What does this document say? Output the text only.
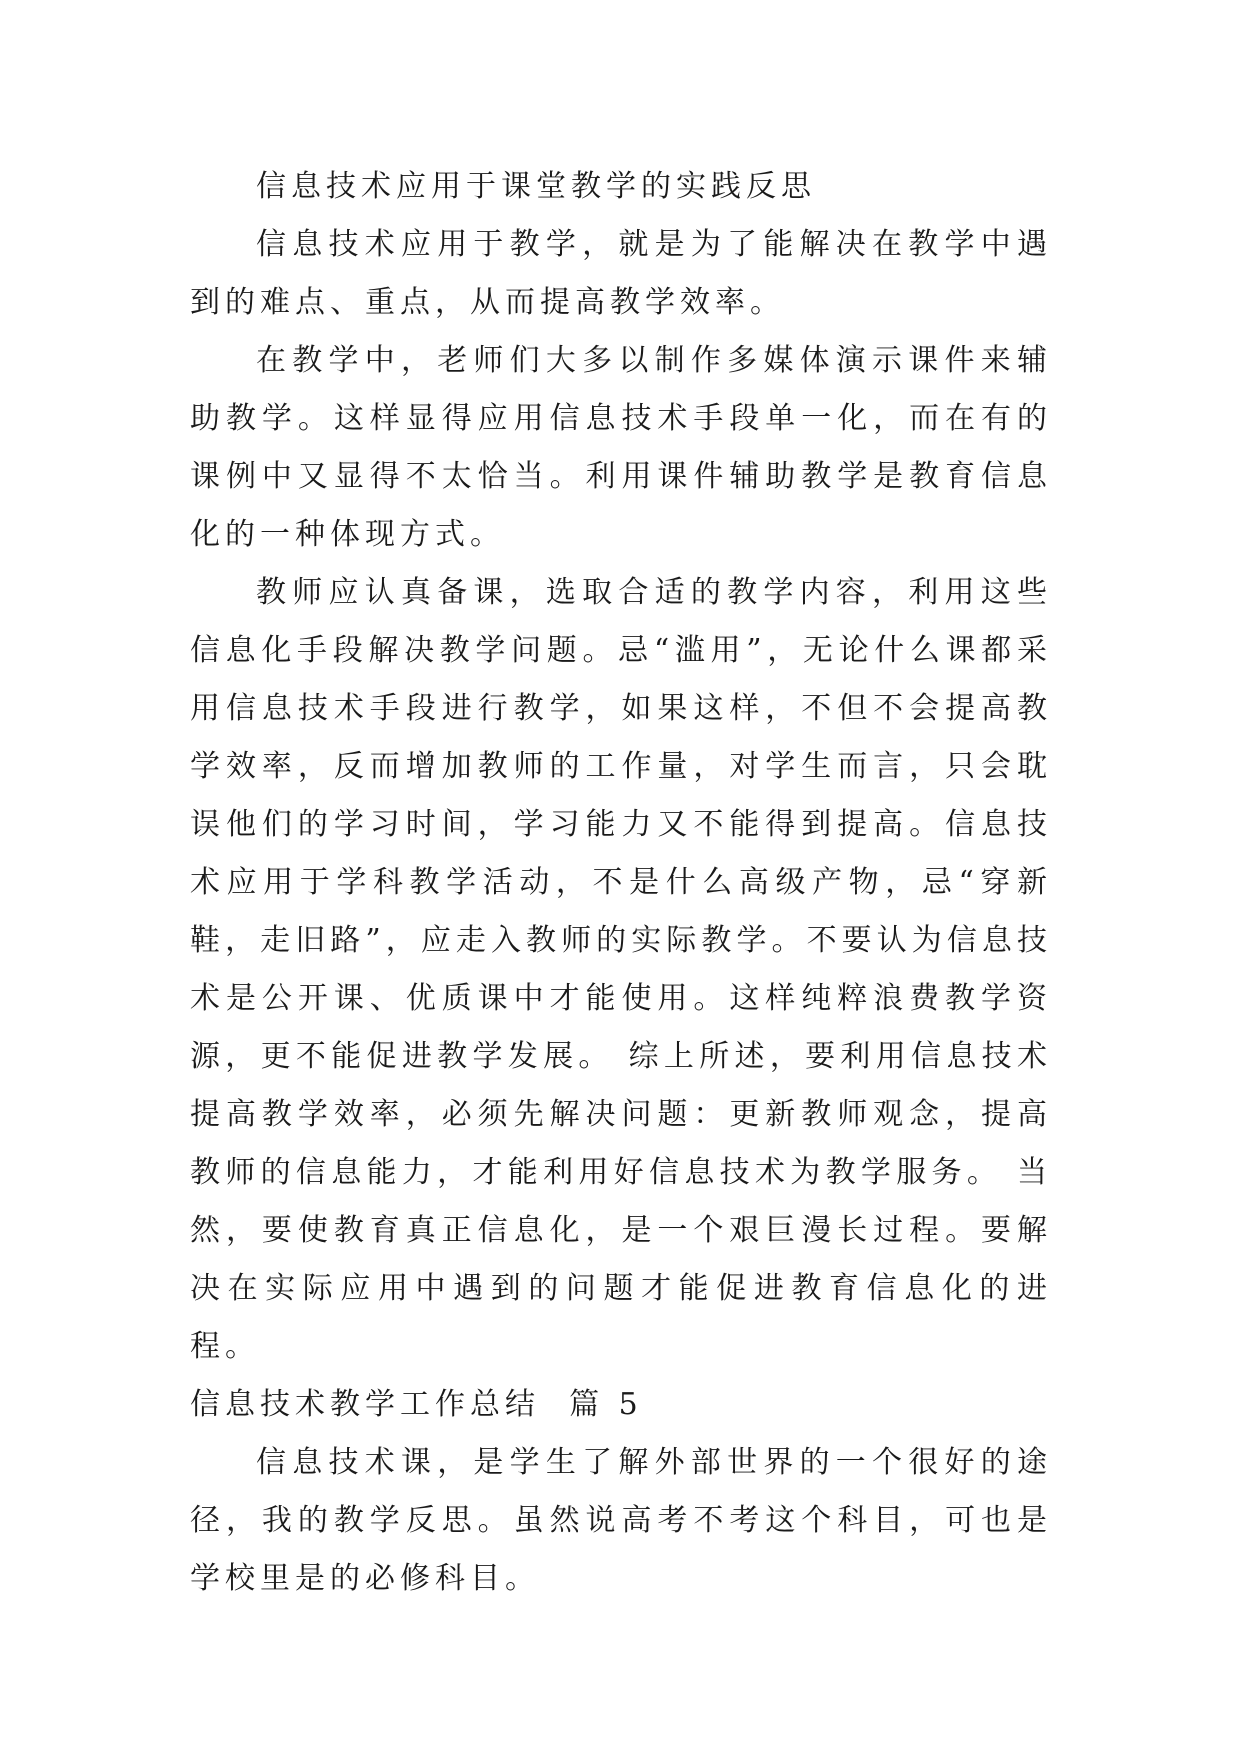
信息技术应用于课堂教学的实践反思

信息技术应用于教学，就是为了能解决在教学中遇到的难点、重点，从而提高教学效率。

在教学中，老师们大多以制作多媒体演示课件来辅助教学。这样显得应用信息技术手段单一化，而在有的课例中又显得不太恰当。利用课件辅助教学是教育信息化的一种体现方式。

教师应认真备课，选取合适的教学内容，利用这些信息化手段解决教学问题。忌“滥用”，无论什么课都采用信息技术手段进行教学，如果这样，不但不会提高教学效率，反而增加教师的工作量，对学生而言，只会耽误他们的学习时间，学习能力又不能得到提高。信息技术应用于学科教学活动，不是什么高级产物，忌“穿新鞋，走旧路”，应走入教师的实际教学。不要认为信息技术是公开课、优质课中才能使用。这样纯粹浪费教学资源，更不能促进教学发展。 综上所述，要利用信息技术提高教学效率，必须先解决问题：更新教师观念，提高教师的信息能力，才能利用好信息技术为教学服务。 当然，要使教育真正信息化，是一个艰巨漫长过程。要解决在实际应用中遇到的问题才能促进教育信息化的进程。

信息技术教学工作总结  篇 5

信息技术课，是学生了解外部世界的一个很好的途径，我的教学反思。虽然说高考不考这个科目，可也是学校里是的必修科目。
